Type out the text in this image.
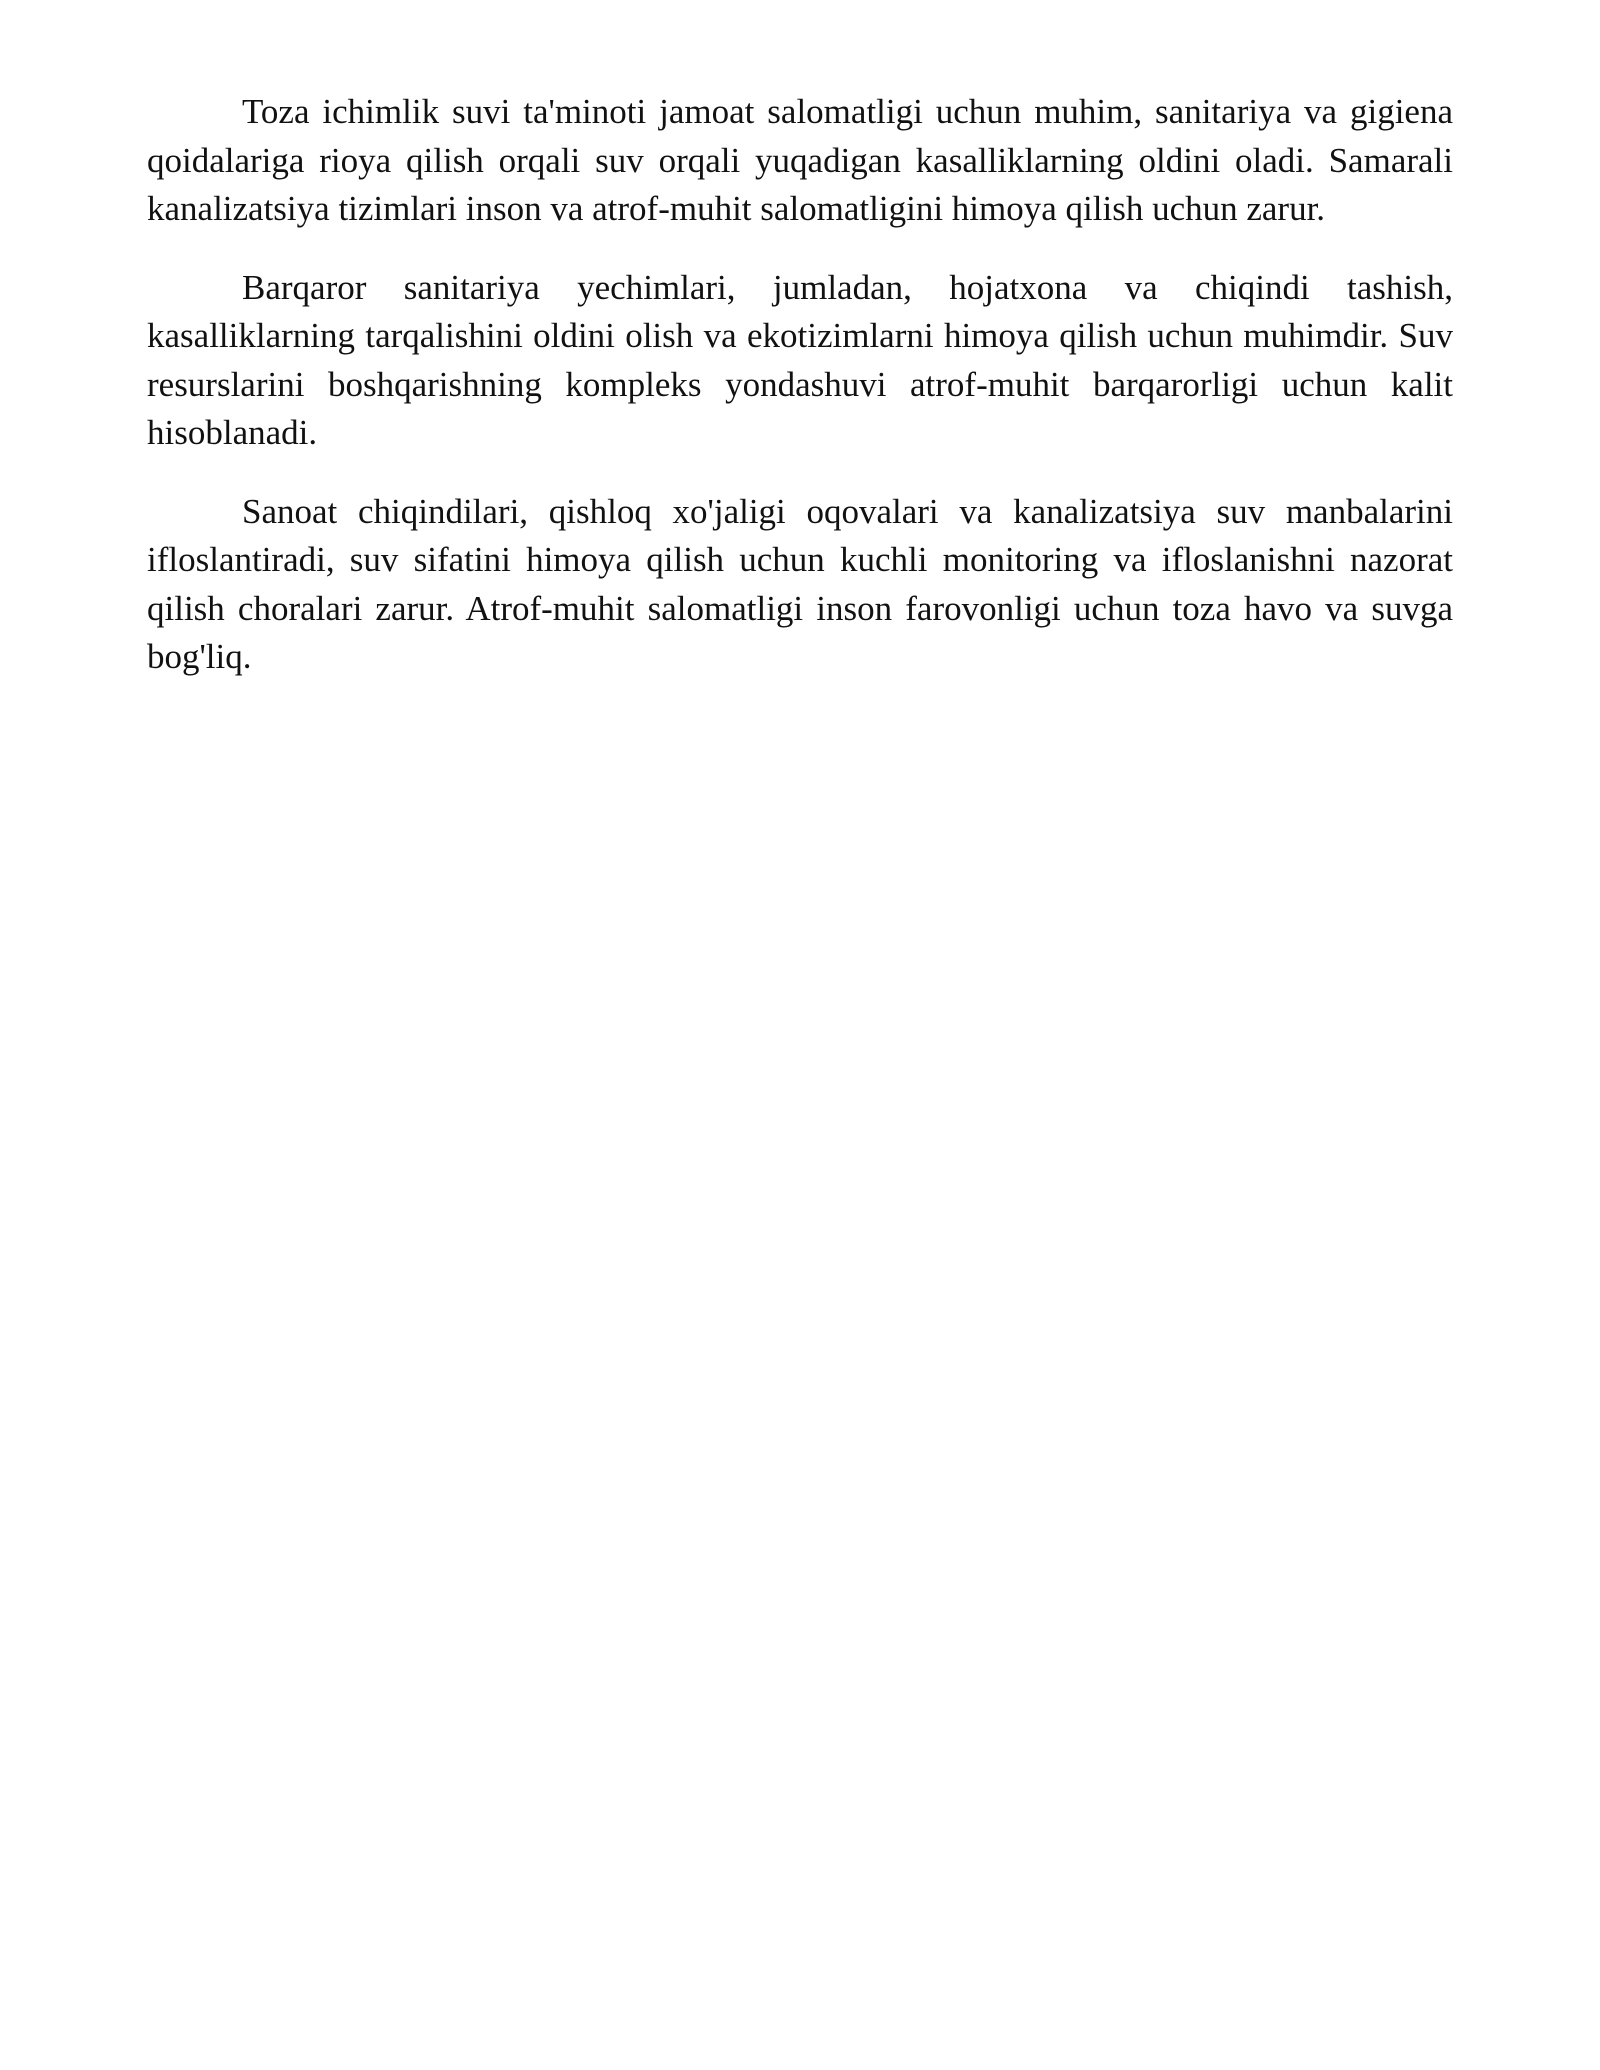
Toza ichimlik suvi ta'minoti jamoat salomatligi uchun muhim, sanitariya va gigiena qoidalariga rioya qilish orqali suv orqali yuqadigan kasalliklarning oldini oladi. Samarali kanalizatsiya tizimlari inson va atrof-muhit salomatligini himoya qilish uchun zarur.

Barqaror sanitariya yechimlari, jumladan, hojatxona va chiqindi tashish, kasalliklarning tarqalishini oldini olish va ekotizimlarni himoya qilish uchun muhimdir. Suv resurslarini boshqarishning kompleks yondashuvi atrof-muhit barqarorligi uchun kalit hisoblanadi.

Sanoat chiqindilari, qishloq xo'jaligi oqovalari va kanalizatsiya suv manbalarini ifloslantiradi, suv sifatini himoya qilish uchun kuchli monitoring va ifloslanishni nazorat qilish choralari zarur. Atrof-muhit salomatligi inson farovonligi uchun toza havo va suvga bog'liq.
